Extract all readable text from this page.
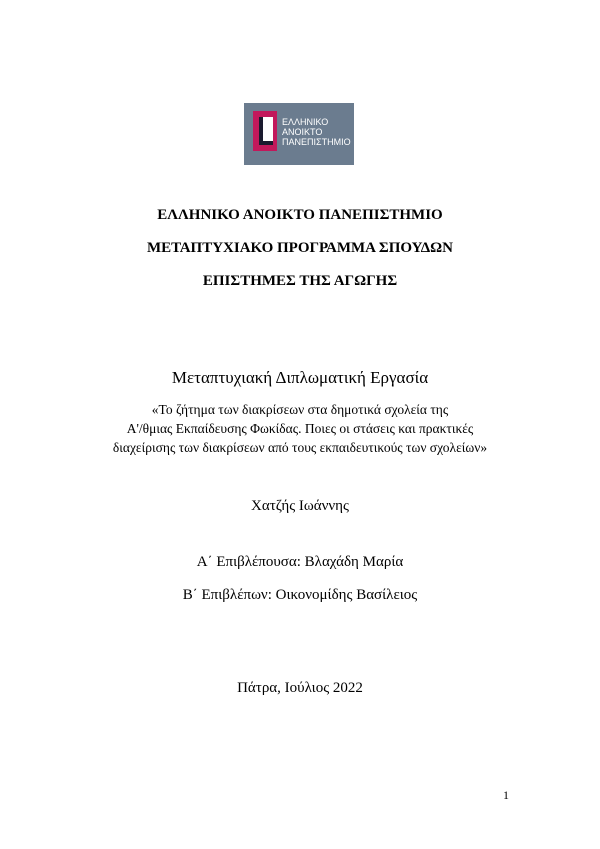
ΕΛΛΗΝΙΚΟ
ΑΝΟΙΚΤΟ
ΠΑΝΕΠΙΣΤΗΜΙΟ
ΕΛΛΗΝΙΚΟ ΑΝΟΙΚΤΟ ΠΑΝΕΠΙΣΤΗΜΙΟ
ΜΕΤΑΠΤΥΧΙΑΚΟ ΠΡΟΓΡΑΜΜΑ ΣΠΟΥΔΩΝ
ΕΠΙΣΤΗΜΕΣ ΤΗΣ ΑΓΩΓΗΣ
Μεταπτυχιακή Διπλωματική Εργασία
«Το ζήτημα των διακρίσεων στα δημοτικά σχολεία της
Α'/θμιας Εκπαίδευσης Φωκίδας. Ποιες οι στάσεις και πρακτικές
διαχείρισης των διακρίσεων από τους εκπαιδευτικούς των σχολείων»
Χατζής Ιωάννης
Α΄ Επιβλέπουσα: Βλαχάδη Μαρία
Β΄ Επιβλέπων: Οικονομίδης Βασίλειος
Πάτρα, Ιούλιος 2022
1
